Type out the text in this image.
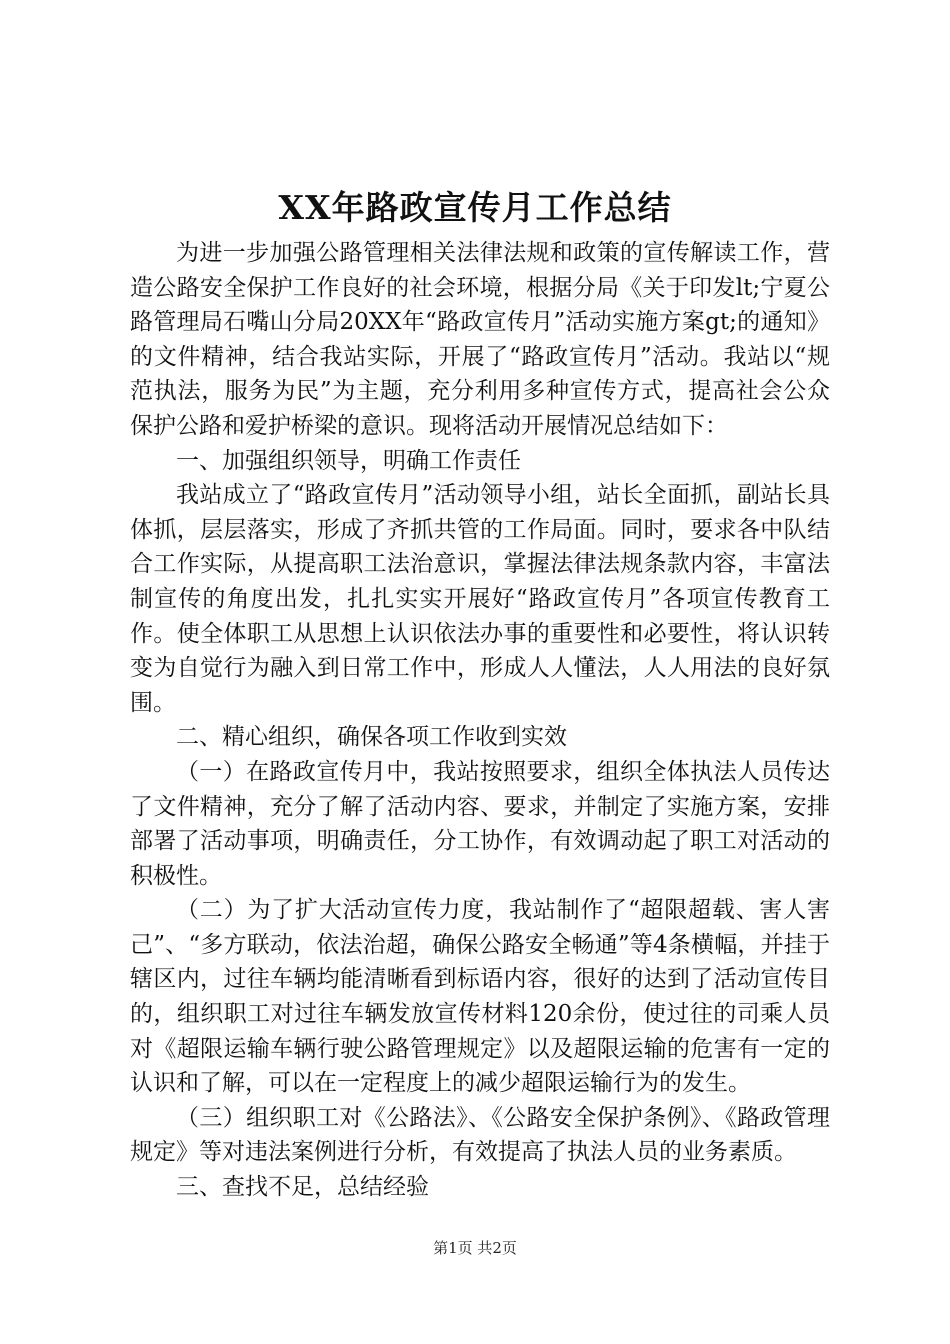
XX年路政宣传月工作总结

为进一步加强公路管理相关法律法规和政策的宣传解读工作，营造公路安全保护工作良好的社会环境，根据分局《关于印发lt;宁夏公路管理局石嘴山分局20XX年“路政宣传月”活动实施方案gt;的通知》的文件精神，结合我站实际，开展了“路政宣传月”活动。我站以“规范执法，服务为民”为主题，充分利用多种宣传方式，提高社会公众保护公路和爱护桥梁的意识。现将活动开展情况总结如下：

一、加强组织领导，明确工作责任

我站成立了“路政宣传月”活动领导小组，站长全面抓，副站长具体抓，层层落实，形成了齐抓共管的工作局面。同时，要求各中队结合工作实际，从提高职工法治意识，掌握法律法规条款内容，丰富法制宣传的角度出发，扎扎实实开展好“路政宣传月”各项宣传教育工作。使全体职工从思想上认识依法办事的重要性和必要性，将认识转变为自觉行为融入到日常工作中，形成人人懂法，人人用法的良好氛围。

二、精心组织，确保各项工作收到实效

（一）在路政宣传月中，我站按照要求，组织全体执法人员传达了文件精神，充分了解了活动内容、要求，并制定了实施方案，安排部署了活动事项，明确责任，分工协作，有效调动起了职工对活动的积极性。

（二）为了扩大活动宣传力度，我站制作了“超限超载、害人害己”、“多方联动，依法治超，确保公路安全畅通”等4条横幅，并挂于辖区内，过往车辆均能清晰看到标语内容，很好的达到了活动宣传目的，组织职工对过往车辆发放宣传材料120余份，使过往的司乘人员对《超限运输车辆行驶公路管理规定》以及超限运输的危害有一定的认识和了解，可以在一定程度上的减少超限运输行为的发生。

（三）组织职工对《公路法》、《公路安全保护条例》、《路政管理规定》等对违法案例进行分析，有效提高了执法人员的业务素质。

三、查找不足，总结经验

第1页 共2页
